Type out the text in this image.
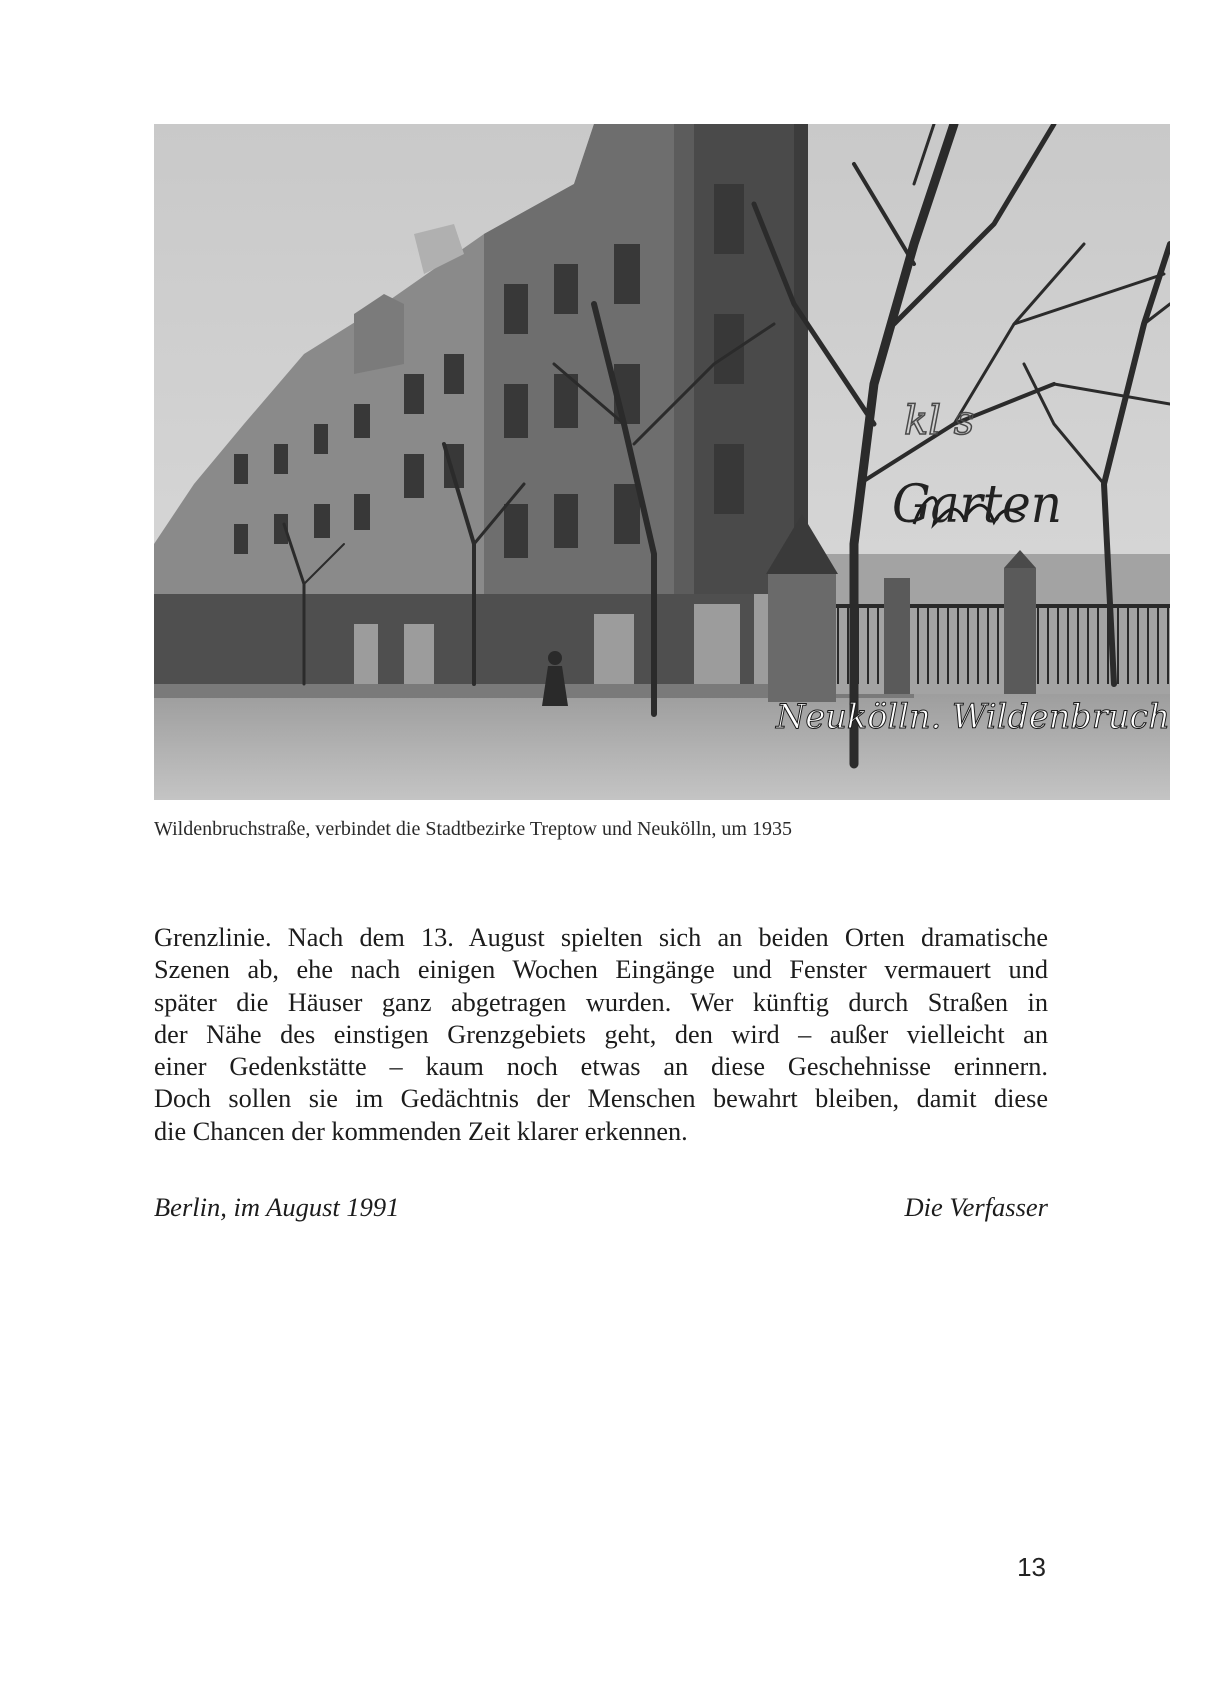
kl s
Garten
Neukölln. Wildenbruch
Wildenbruchstraße, verbindet die Stadtbezirke Treptow und Neukölln, um 1935

Grenzlinie. Nach dem 13. August spielten sich an beiden Orten dramatische

Szenen ab, ehe nach einigen Wochen Eingänge und Fenster vermauert und

später die Häuser ganz abgetragen wurden. Wer künftig durch Straßen in

der Nähe des einstigen Grenzgebiets geht, den wird – außer vielleicht an

einer Gedenkstätte – kaum noch etwas an diese Geschehnisse erinnern.

Doch sollen sie im Gedächtnis der Menschen bewahrt bleiben, damit diese

die Chancen der kommenden Zeit klarer erkennen.

Berlin, im August 1991	Die Verfasser
13
